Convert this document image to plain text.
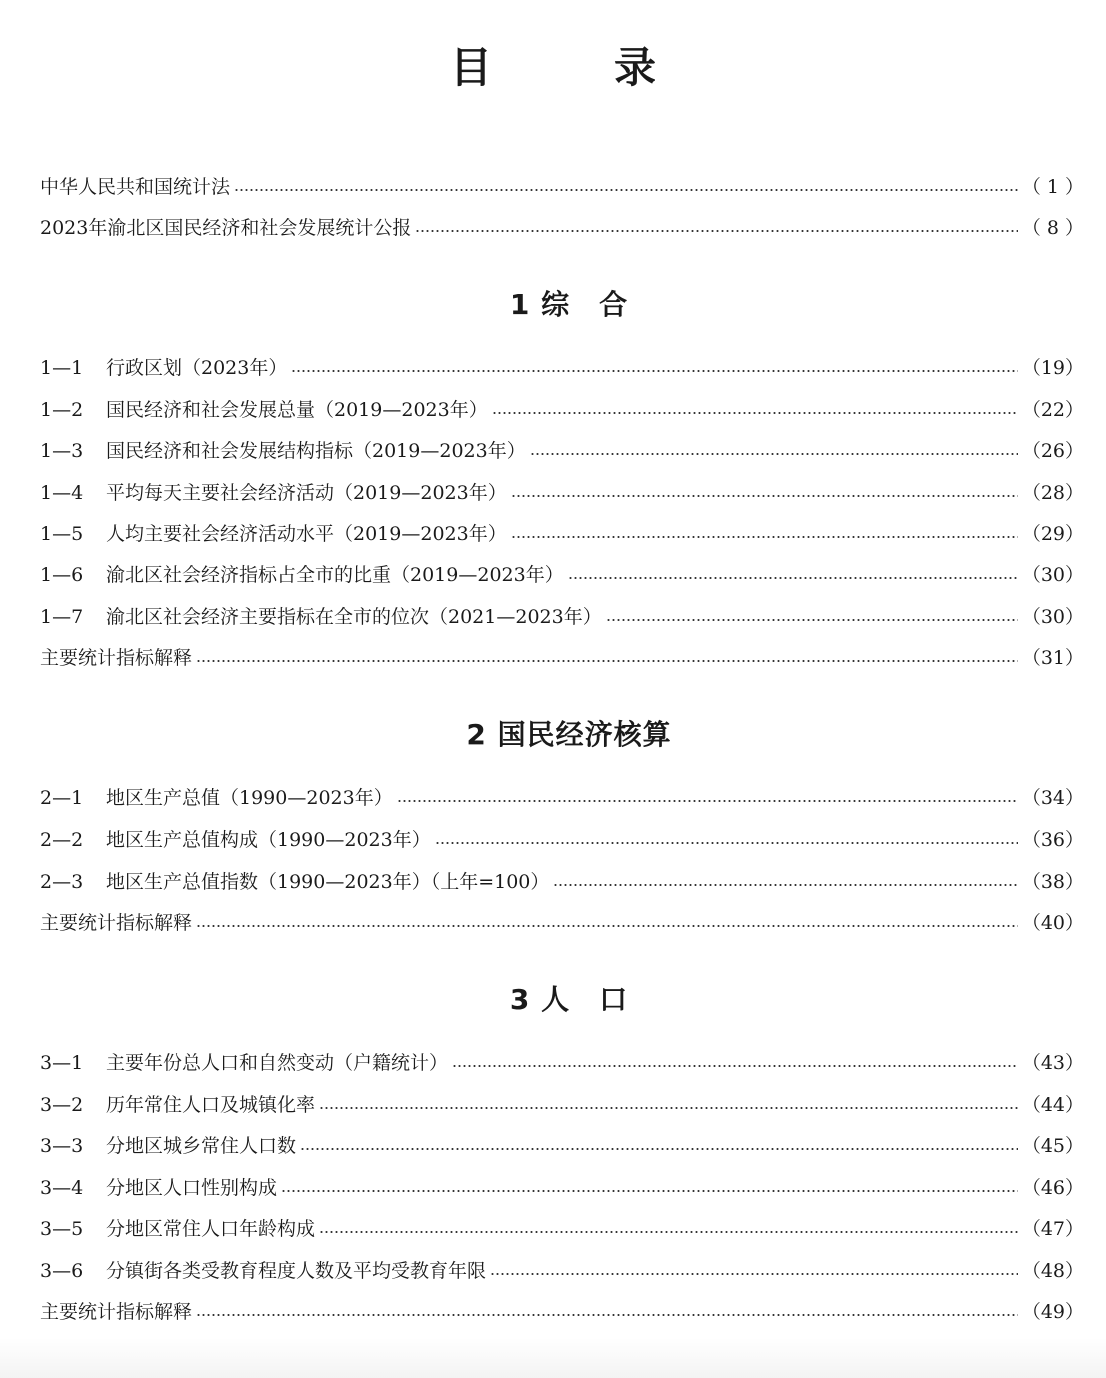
目　录
中华人民共和国统计法	（ 1 ）
2023年渝北区国民经济和社会发展统计公报	（ 8 ）
1 综　合
1—1	行政区划（2023年）	（19）
1—2	国民经济和社会发展总量（2019—2023年）	（22）
1—3	国民经济和社会发展结构指标（2019—2023年）	（26）
1—4	平均每天主要社会经济活动（2019—2023年）	（28）
1—5	人均主要社会经济活动水平（2019—2023年）	（29）
1—6	渝北区社会经济指标占全市的比重（2019—2023年）	（30）
1—7	渝北区社会经济主要指标在全市的位次（2021—2023年）	（30）
主要统计指标解释	（31）
2 国民经济核算
2—1	地区生产总值（1990—2023年）	（34）
2—2	地区生产总值构成（1990—2023年）	（36）
2—3	地区生产总值指数（1990—2023年）（上年=100）	（38）
主要统计指标解释	（40）
3 人　口
3—1	主要年份总人口和自然变动（户籍统计）	（43）
3—2	历年常住人口及城镇化率	（44）
3—3	分地区城乡常住人口数	（45）
3—4	分地区人口性别构成	（46）
3—5	分地区常住人口年龄构成	（47）
3—6	分镇街各类受教育程度人数及平均受教育年限	（48）
主要统计指标解释	（49）
